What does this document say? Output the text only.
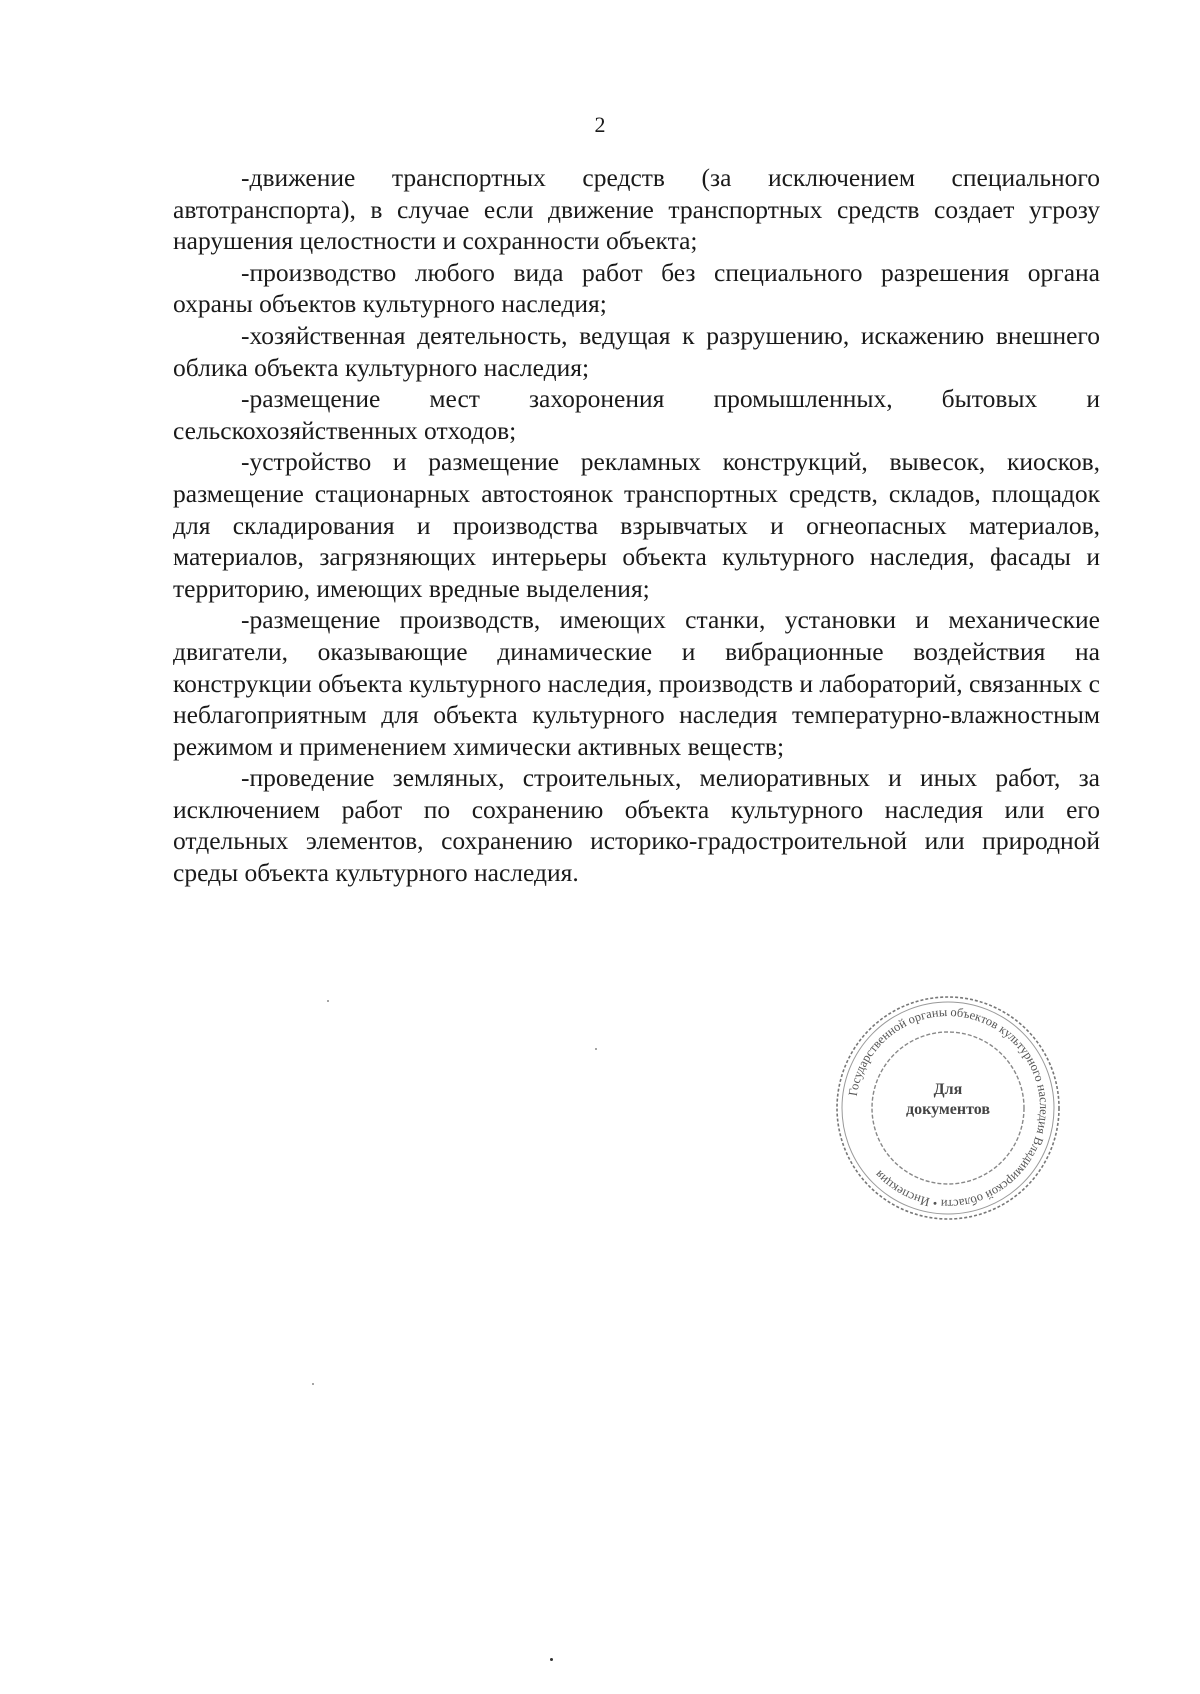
2

-движение транспортных средств (за исключением специального автотранспорта), в случае если движение транспортных средств создает угрозу нарушения целостности и сохранности объекта;

-производство любого вида работ без специального разрешения органа охраны объектов культурного наследия;

-хозяйственная деятельность, ведущая к разрушению, искажению внешнего облика объекта культурного наследия;

-размещение мест захоронения промышленных, бытовых и сельскохозяйственных отходов;

-устройство и размещение рекламных конструкций, вывесок, киосков, размещение стационарных автостоянок транспортных средств, складов, площадок для складирования и производства взрывчатых и огнеопасных материалов, материалов, загрязняющих интерьеры объекта культурного наследия, фасады и территорию, имеющих вредные выделения;

-размещение производств, имеющих станки, установки и механические двигатели, оказывающие динамические и вибрационные воздействия на конструкции объекта культурного наследия, производств и лабораторий, связанных с неблагоприятным для объекта культурного наследия температурно-влажностным режимом и применением химически активных веществ;

-проведение земляных, строительных, мелиоративных и иных работ, за исключением работ по сохранению объекта культурного наследия или его отдельных элементов, сохранению историко-градостроительной или природной среды объекта культурного наследия.

Государственной органы объектов культурного наследия Владимирской области • Инспекция
Для
документов
